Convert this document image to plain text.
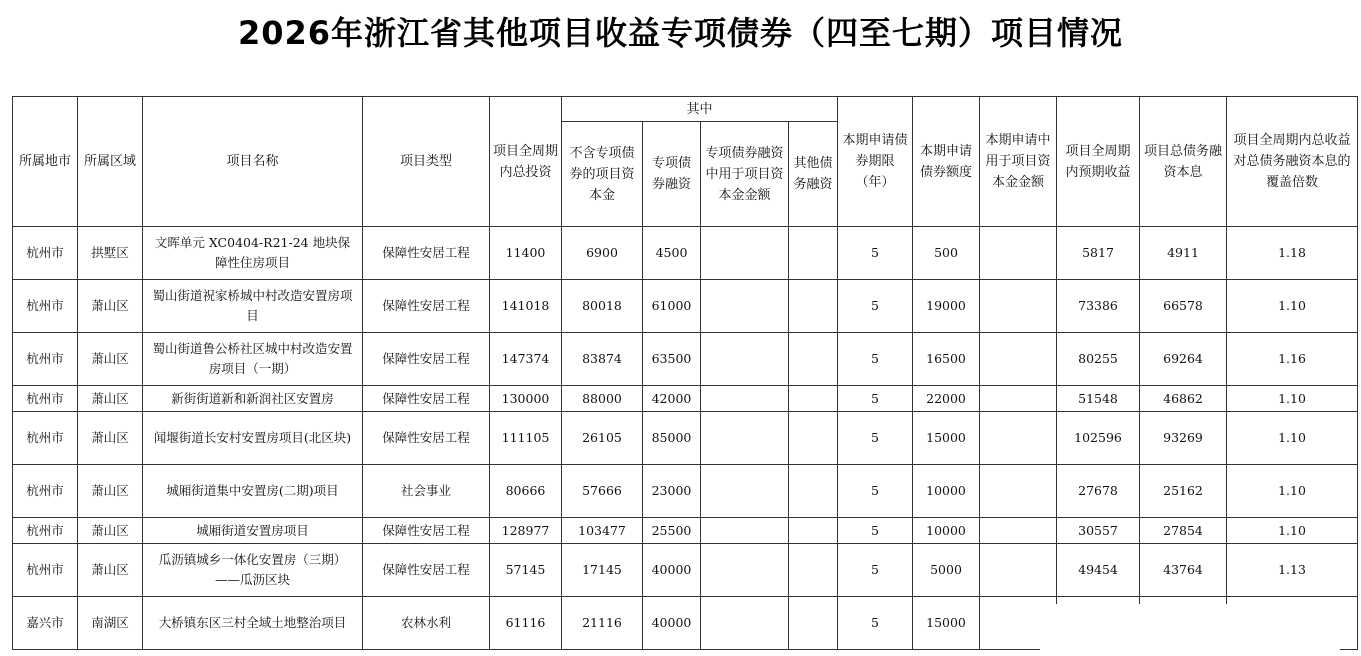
2026年浙江省其他项目收益专项债券（四至七期）项目情况
所属地市	所属区域	项目名称	项目类型	项目全周期内总投资	其中				本期申请债券期限（年）	本期申请债券额度	本期申请中用于项目资本金金额	项目全周期内预期收益	项目总债务融资本息	项目全周期内总收益对总债务融资本息的覆盖倍数
					不含专项债券的项目资本金	专项债券融资	专项债券融资中用于项目资本金金额	其他债务融资						
杭州市	拱墅区	文晖单元 XC0404-R21-24 地块保障性住房项目	保障性安居工程	11400	6900	4500			5	500		5817	4911	1.18
杭州市	萧山区	蜀山街道祝家桥城中村改造安置房项目	保障性安居工程	141018	80018	61000			5	19000		73386	66578	1.10
杭州市	萧山区	蜀山街道鲁公桥社区城中村改造安置房项目（一期）	保障性安居工程	147374	83874	63500			5	16500		80255	69264	1.16
杭州市	萧山区	新街街道新和新润社区安置房	保障性安居工程	130000	88000	42000			5	22000		51548	46862	1.10
杭州市	萧山区	闻堰街道长安村安置房项目(北区块)	保障性安居工程	111105	26105	85000			5	15000		102596	93269	1.10
杭州市	萧山区	城厢街道集中安置房(二期)项目	社会事业	80666	57666	23000			5	10000		27678	25162	1.10
杭州市	萧山区	城厢街道安置房项目	保障性安居工程	128977	103477	25500			5	10000		30557	27854	1.10
杭州市	萧山区	瓜沥镇城乡一体化安置房（三期）——瓜沥区块	保障性安居工程	57145	17145	40000			5	5000		49454	43764	1.13
嘉兴市	南湖区	大桥镇东区三村全域土地整治项目	农林水利	61116	21116	40000			5	15000				
